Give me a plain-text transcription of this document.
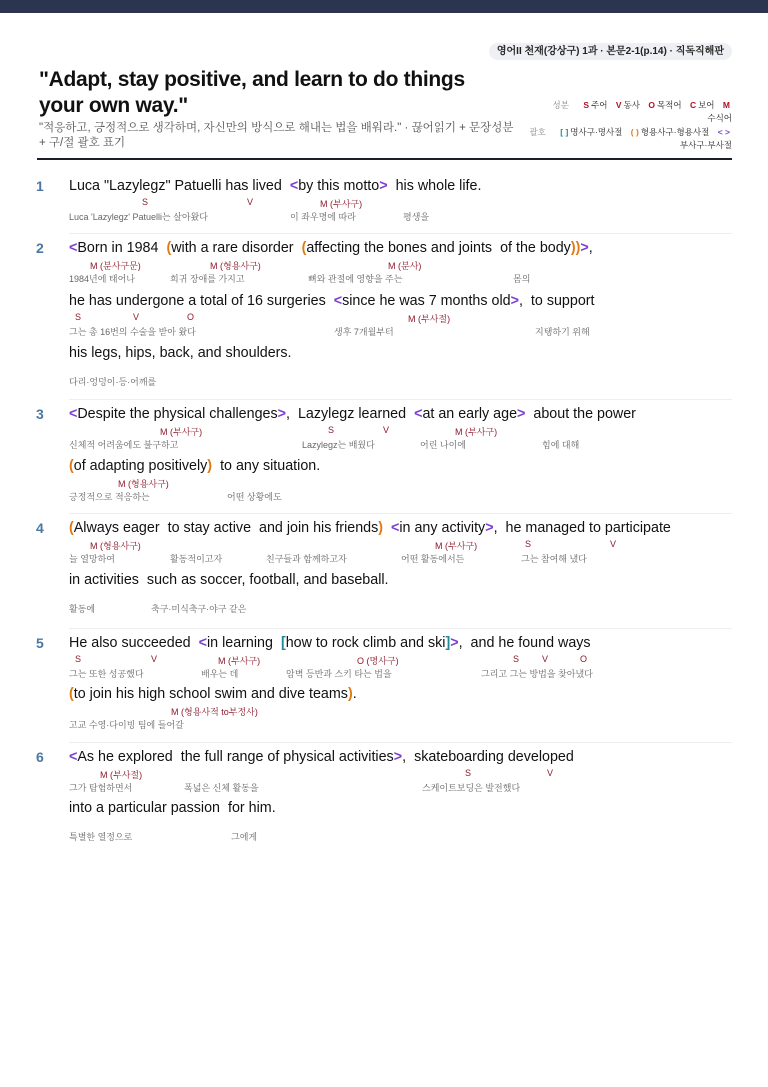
영어II 천재(강상구) 1과 · 본문2-1(p.14) · 직독직해판
"Adapt, stay positive, and learn to do things your own way."
"적응하고, 긍정적으로 생각하며, 자신만의 방식으로 해내는 법을 배워라." · 끊어읽기 + 문장성분 + 구/절 괄호 표기
성분 S 주어 V 동사 O 목적어 C 보어 M
수식어
괄호 [ ] 명사구·명사절 ( ) 형용사구·형용사절 < >
부사구·부사절
1 Luca "Lazylegz" Patuelli has lived <by this motto> his whole life.
S	V	M (부사구)
Luca 'Lazylegz' Patuelli는 살아왔다	이 좌우명에 따라	평생을
2 <Born in 1984 (with a rare disorder (affecting the bones and joints of the body))>,
M (분사구문)	M (형용사구)	M (분사)
1984년에 태어나	희귀 장애를 가지고	뼈와 관절에 영향을 주는	몸의
he has undergone a total of 16 surgeries <since he was 7 months old>, to support
S	V	O	M (부사절)
그는 총 16번의 수술을 받아 왔다	생후 7개월부터	지탱하기 위해
his legs, hips, back, and shoulders.
다리·엉덩이·등·어깨를
3 <Despite the physical challenges>, Lazylegz learned <at an early age> about the power
M (부사구)	S	V	M (부사구)
신체적 어려움에도 불구하고	Lazylegz는 배웠다	어린 나이에	힘에 대해
(of adapting positively) to any situation.
M (형용사구)
긍정적으로 적응하는	어떤 상황에도
4 (Always eager to stay active and join his friends) <in any activity>, he managed to participate
M (형용사구)	M (부사구)	S	V
늘 열망하여	활동적이고자	친구들과 함께하고자	어떤 활동에서든	그는 참여해 냈다
in activities such as soccer, football, and baseball.
활동에	축구·미식축구·야구 같은
5 He also succeeded <in learning [how to rock climb and ski]>, and he found ways
S	V	M (부사구)	O (명사구)	S	V	O
그는 또한 성공했다	배우는 데	암벽 등반과 스키 타는 법을	그리고 그는 방법을 찾아냈다
(to join his high school swim and dive teams).
M (형용사적 to부정사)
고교 수영·다이빙 팀에 들어갈
6 <As he explored the full range of physical activities>, skateboarding developed
M (부사절)	S	V
그가 탐험하면서	폭넓은 신체 활동을	스케이트보딩은 발전했다
into a particular passion for him.
특별한 열정으로	그에게
